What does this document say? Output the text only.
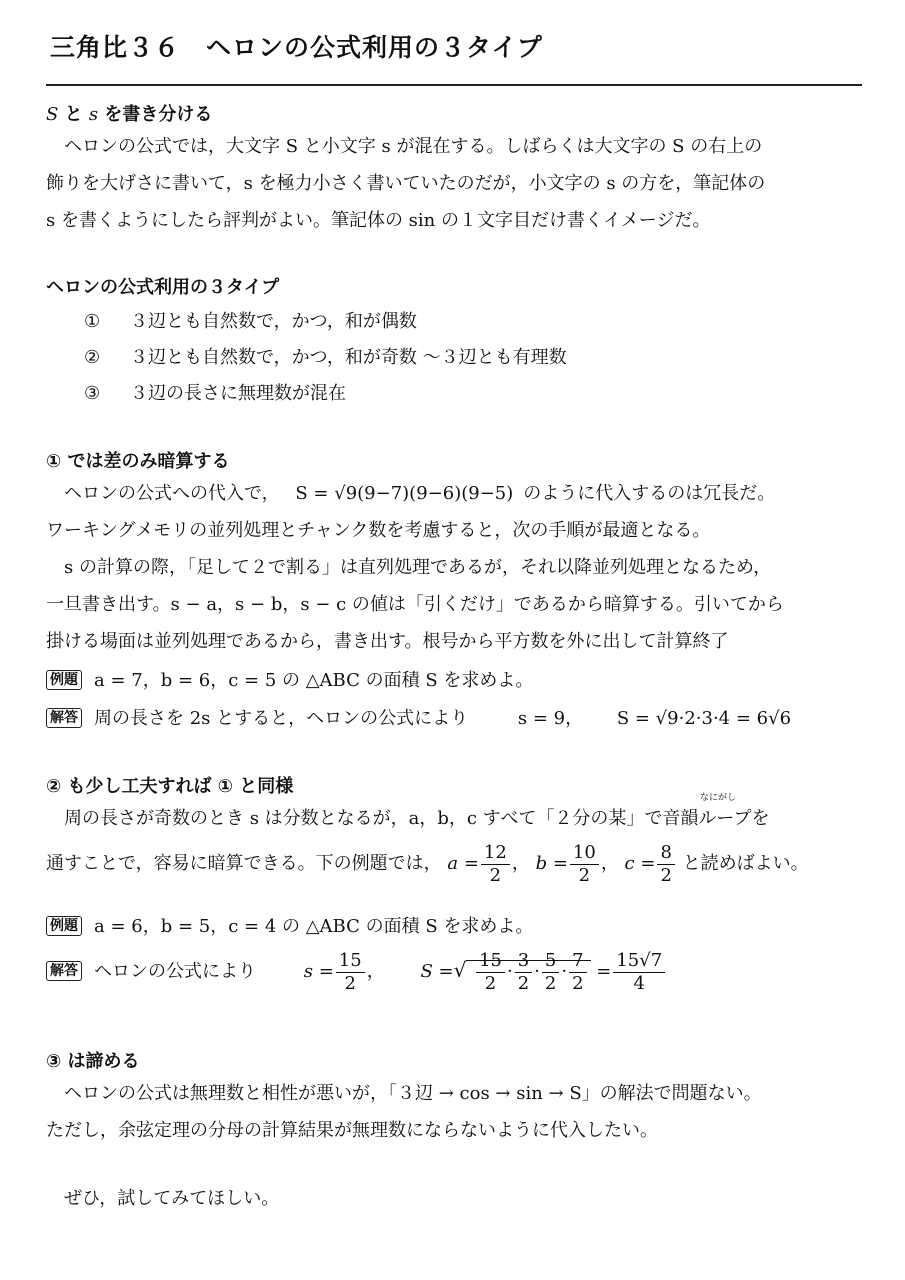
三角比３６　ヘロンの公式利用の３タイプ
S と s を書き分ける
ヘロンの公式では，大文字 S と小文字 s が混在する。しばらくは大文字の S の右上の
飾りを大げさに書いて，s を極力小さく書いていたのだが，小文字の s の方を，筆記体の
s を書くようにしたら評判がよい。筆記体の sin の１文字目だけ書くイメージだ。
ヘロンの公式利用の３タイプ
① ３辺とも自然数で，かつ，和が偶数
② ３辺とも自然数で，かつ，和が奇数 〜３辺とも有理数
③ ３辺の長さに無理数が混在
① では差のみ暗算する
ヘロンの公式への代入で， S = √9(9−7)(9−6)(9−5) のように代入するのは冗長だ。
ワーキングメモリの並列処理とチャンク数を考慮すると，次の手順が最適となる。
s の計算の際，「足して２で割る」は直列処理であるが，それ以降並列処理となるため，
一旦書き出す。s − a，s − b，s − c の値は「引くだけ」であるから暗算する。引いてから
掛ける場面は並列処理であるから，書き出す。根号から平方数を外に出して計算終了
例題 a = 7，b = 6，c = 5 の △ABC の面積 S を求めよ。
解答 周の長さを 2s とすると，ヘロンの公式により	s = 9， S = √9·2·3·4 = 6√6
② も少し工夫すれば ① と同様
周の長さが奇数のとき s は分数となるが，a，b，c すべて「２分の某」で音韻ループを
なにがし
通すことで，容易に暗算できる。下の例題では， $a = \frac{12}{2}$ ， $b = \frac{10}{2}$ ， $c = \frac{8}{2}$ と読めばよい。
例題 a = 6，b = 5，c = 4 の △ABC の面積 S を求めよ。
解答 ヘロンの公式により	$s = \frac{15}{2}$ ， S =√ $\frac{15}{2} \cdot \frac{3}{2} \cdot \frac{5}{2} \cdot \frac{7}{2} = \frac{15√7}{4}$
③ は諦める
ヘロンの公式は無理数と相性が悪いが，「３辺 → cos → sin → S」の解法で問題ない。
ただし，余弦定理の分母の計算結果が無理数にならないように代入したい。
ぜひ，試してみてほしい。
